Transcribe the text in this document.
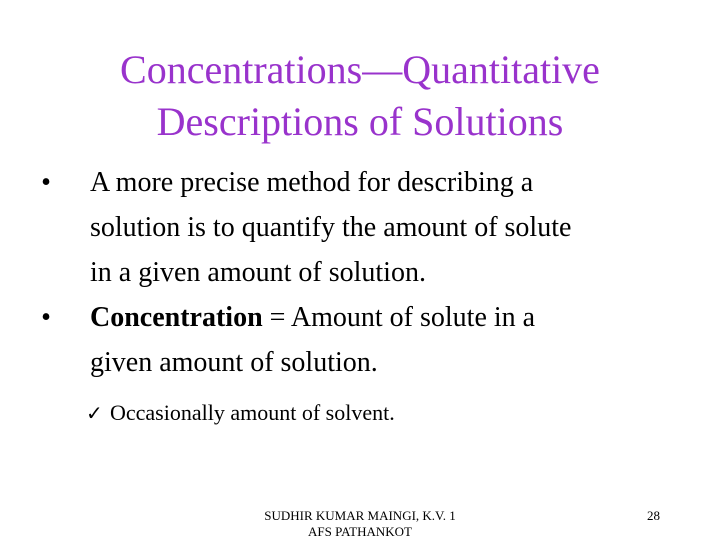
Concentrations—Quantitative
Descriptions of Solutions
•	A more precise method for describing a
solution is to quantify the amount of solute
in a given amount of solution.
•	Concentration = Amount of solute in a
given amount of solution.
✓ Occasionally amount of solvent.
SUDHIR KUMAR MAINGI, K.V. 1
AFS PATHANKOT
28
